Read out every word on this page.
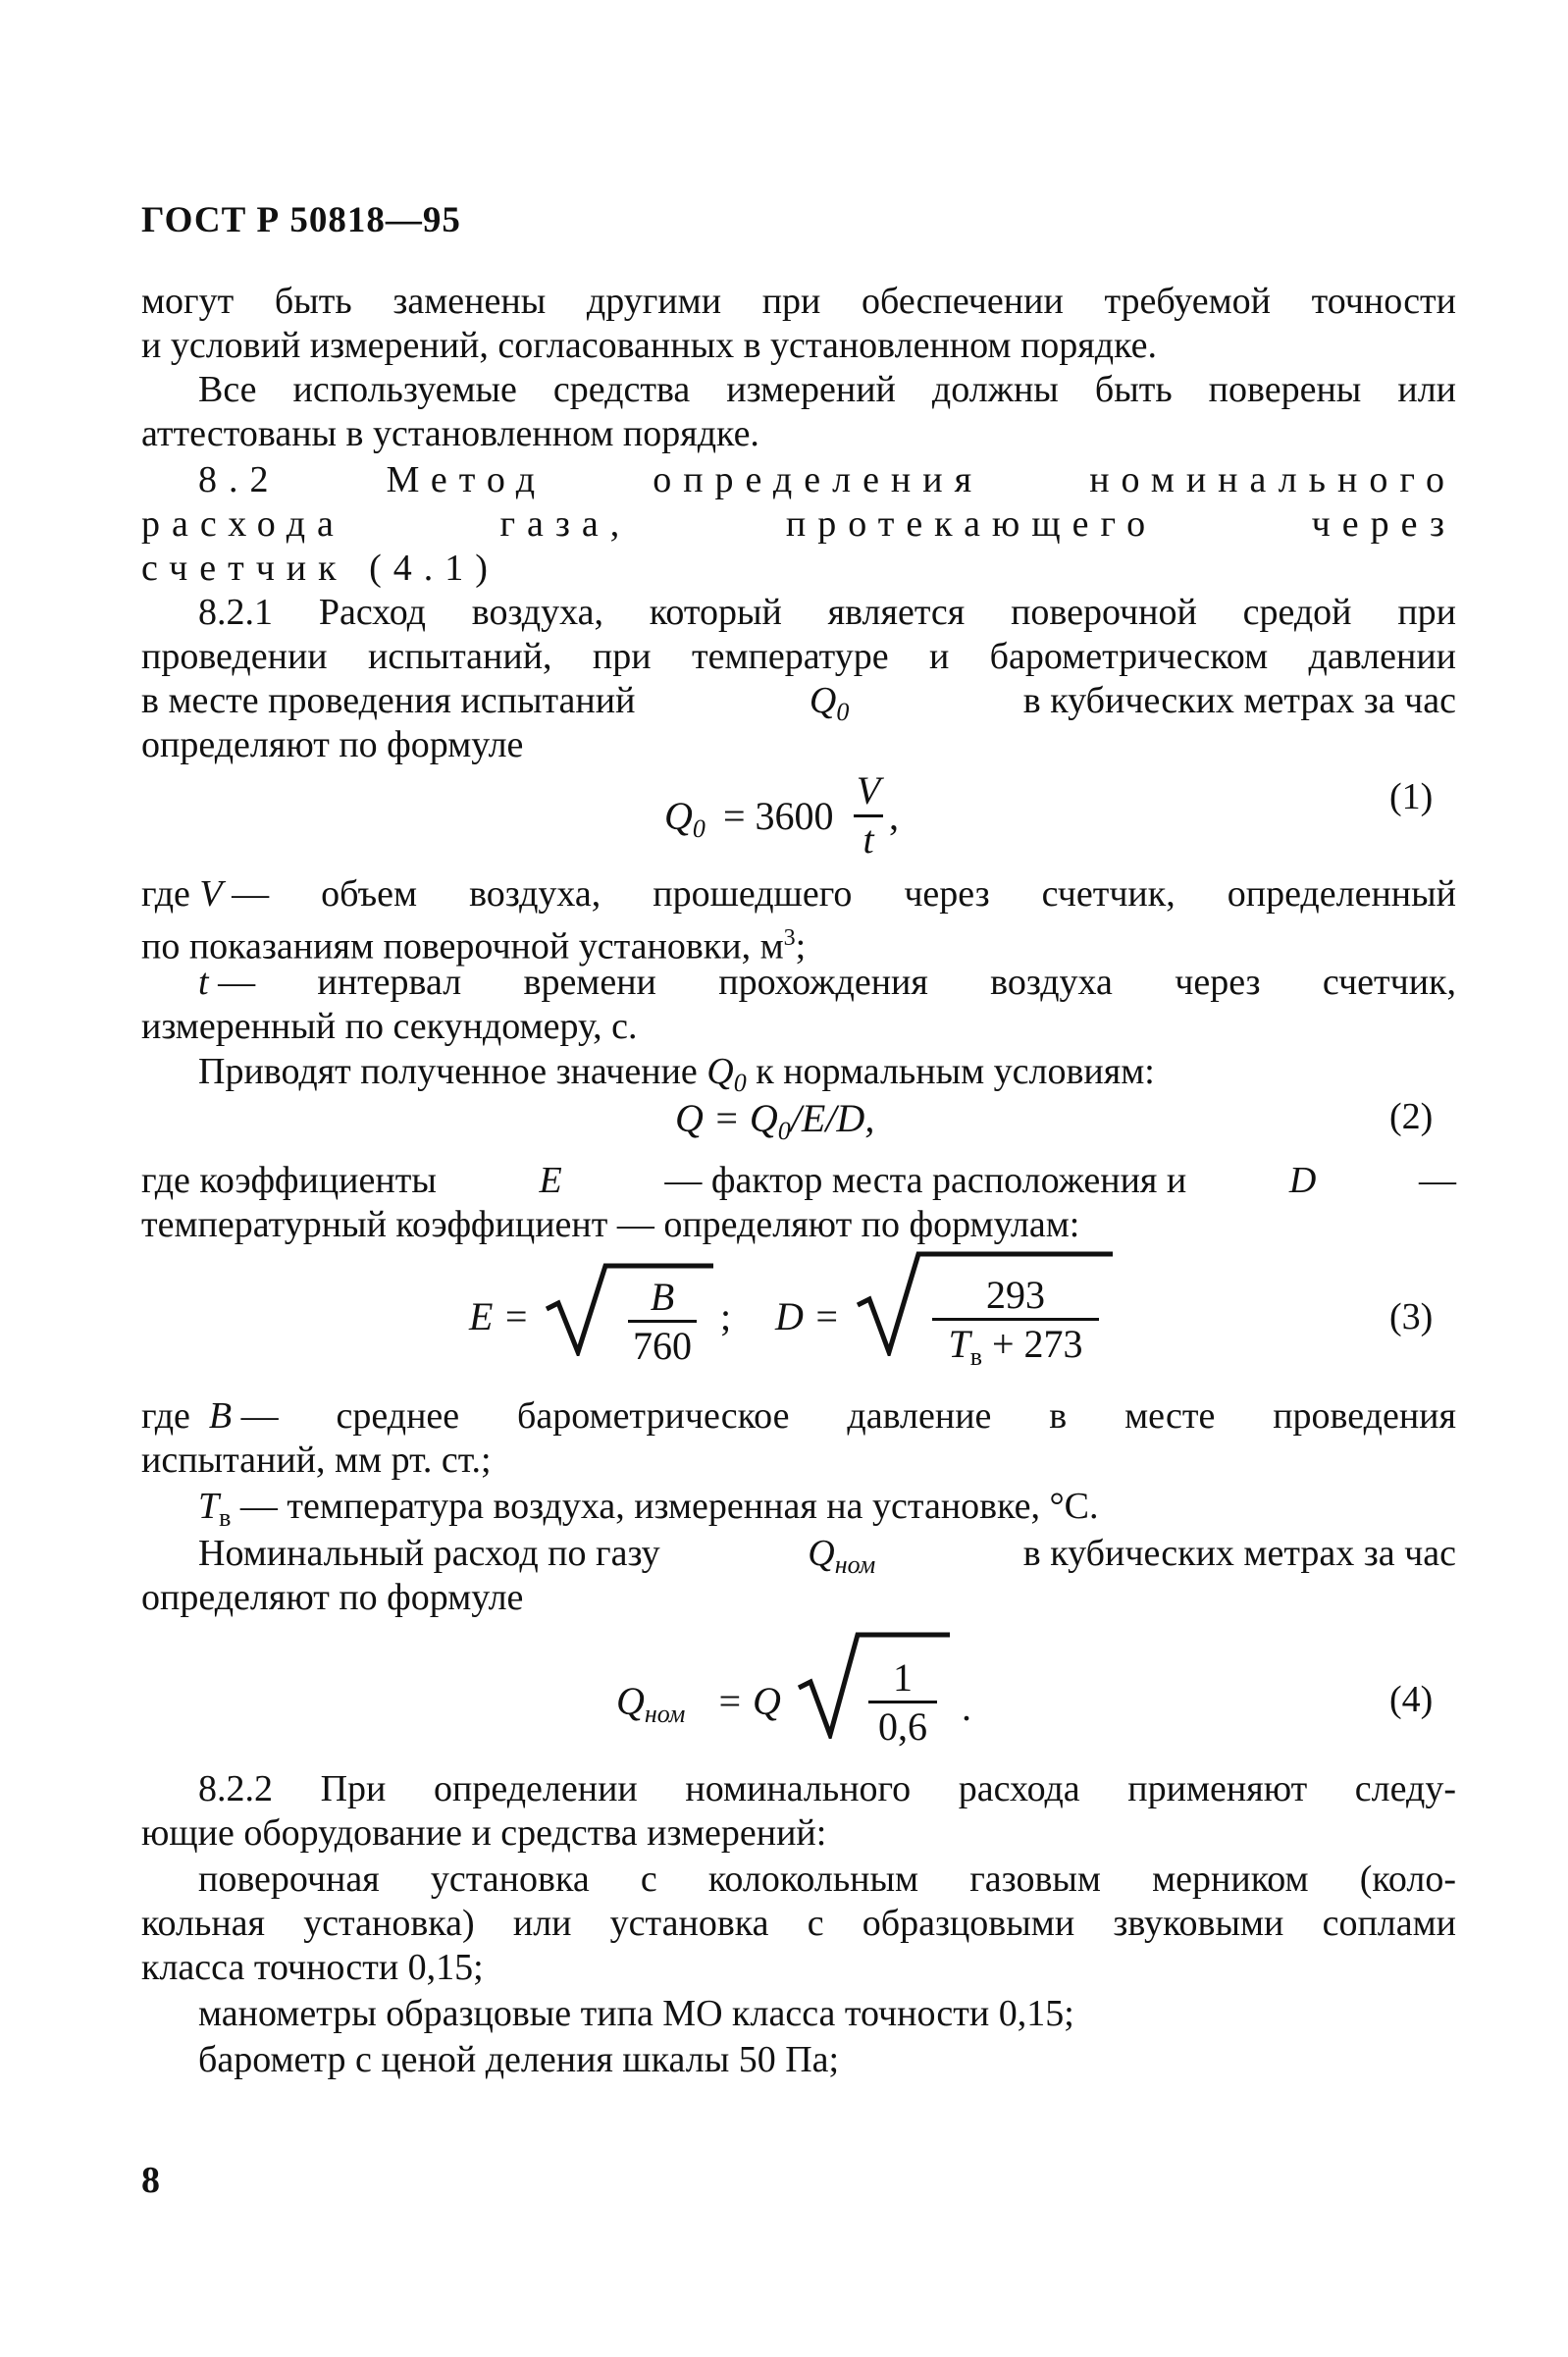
ГОСТ Р 50818—95
могут быть заменены другими при обеспечении требуемой точности
и условий измерений, согласованных в установленном порядке.
Все используемые средства измерений должны быть поверены или
аттестованы в установленном порядке.
8.2 Метод определения номинального
расхода газа, протекающего через
счетчик (4.1)
8.2.1 Расход воздуха, который является поверочной средой при
проведении испытаний, при температуре и барометрическом давлении
в месте проведения испытаний	$Q_0$	в кубических метрах за час
определяют по формуле
$Q_0 = 3600$
V
t
,	(1)
где
V
— объем воздуха, прошедшего через счетчик, определенный
по показаниям поверочной установки, $м^3$;
t
— интервал времени прохождения воздуха через счетчик,
измеренный по секундомеру, с.
Приводят полученное значение $Q_0$ к нормальным условиям:
$Q = Q_0/E/D$,	(2)
где коэффициенты	E	— фактор места расположения и	D	—
температурный коэффициент — определяют по формулам:
E =	B
760
; D =	293
$T_в + 273$
(3)
где
B
— среднее барометрическое давление в месте проведения
испытаний, мм рт. ст.;
$T_в$ — температура воздуха, измеренная на установке, °С.
Номинальный расход по газу	$Q_{ном}$	в кубических метрах за час
определяют по формуле
$Q_{ном} = Q$
1
0,6 .	(4)
8.2.2 При определении номинального расхода применяют следу-
ющие оборудование и средства измерений:
поверочная установка с колокольным газовым мерником (коло-
кольная установка) или установка с образцовыми звуковыми соплами
класса точности 0,15;
манометры образцовые типа МО класса точности 0,15;
барометр с ценой деления шкалы 50 Па;
8
